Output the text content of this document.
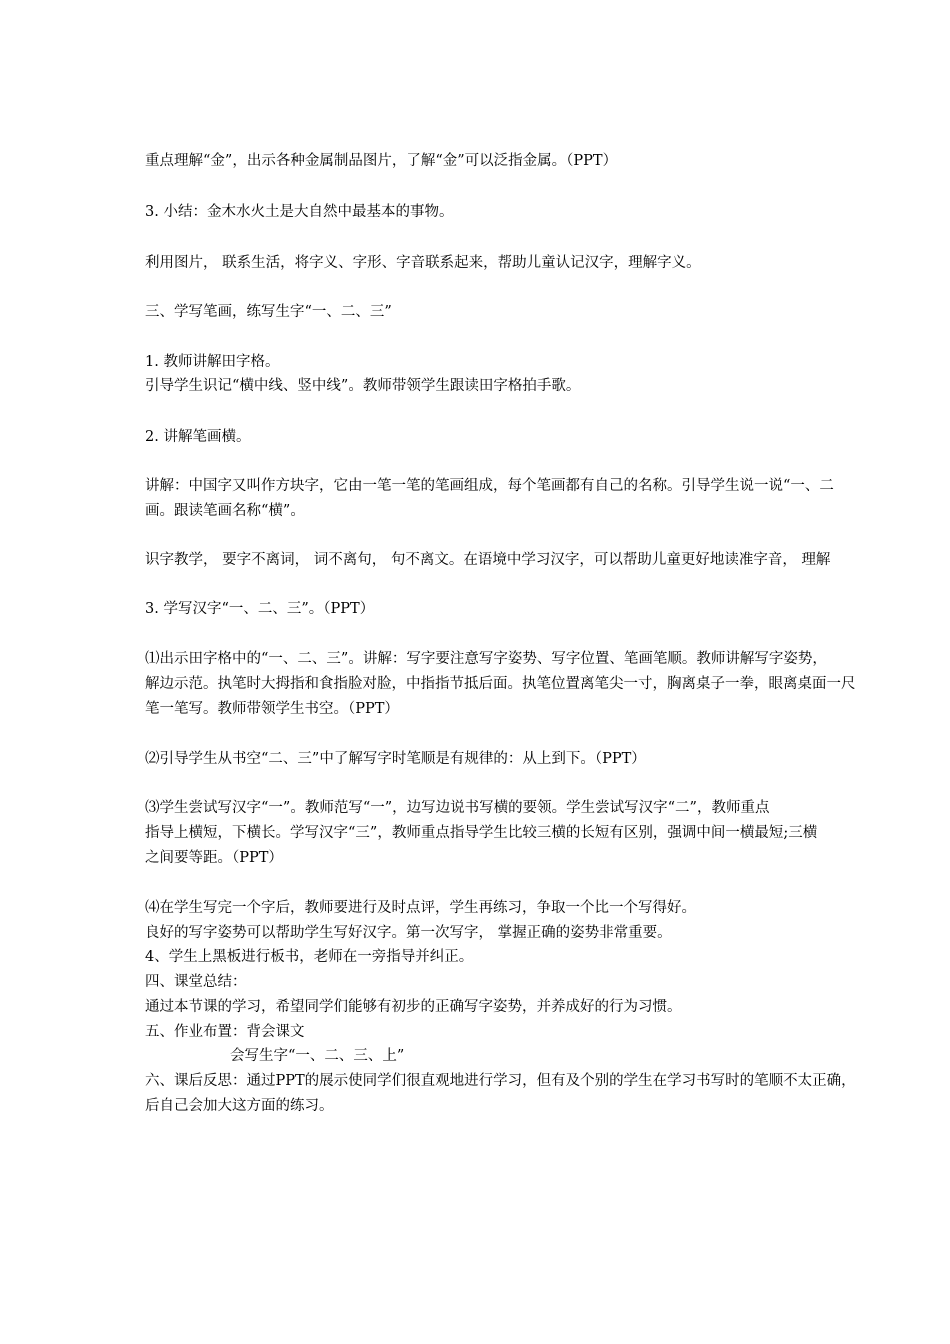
重点理解“金”，出示各种金属制品图片，了解“金”可以泛指金属。（PPT）
3. 小结：金木水火土是大自然中最基本的事物。
利用图片， 联系生活，将字义、字形、字音联系起来，帮助儿童认记汉字，理解字义。
三、学写笔画，练写生字“一、二、三”
1. 教师讲解田字格。
引导学生识记“横中线、竖中线”。教师带领学生跟读田字格拍手歌。
2. 讲解笔画横。
讲解：中国字又叫作方块字，它由一笔一笔的笔画组成，每个笔画都有自己的名称。引导学生说一说“一、二
画。跟读笔画名称“横”。
识字教学， 要字不离词， 词不离句， 句不离文。在语境中学习汉字，可以帮助儿童更好地读准字音， 理解
3. 学写汉字“一、二、三”。（PPT）
⑴出示田字格中的“一、二、三”。讲解：写字要注意写字姿势、写字位置、笔画笔顺。教师讲解写字姿势，
解边示范。执笔时大拇指和食指脸对脸，中指指节抵后面。执笔位置离笔尖一寸，胸离桌子一拳，眼离桌面一尺
笔一笔写。教师带领学生书空。（PPT）
⑵引导学生从书空“二、三”中了解写字时笔顺是有规律的：从上到下。（PPT）
⑶学生尝试写汉字“一”。教师范写“一”，边写边说书写横的要领。学生尝试写汉字“二”，教师重点
指导上横短，下横长。学写汉字“三”，教师重点指导学生比较三横的长短有区别，强调中间一横最短;三横
之间要等距。（PPT）
⑷在学生写完一个字后，教师要进行及时点评，学生再练习，争取一个比一个写得好。
良好的写字姿势可以帮助学生写好汉字。第一次写字， 掌握正确的姿势非常重要。
4、学生上黑板进行板书，老师在一旁指导并纠正。
四、课堂总结：
通过本节课的学习，希望同学们能够有初步的正确写字姿势，并养成好的行为习惯。
五、作业布置：背会课文
会写生字“一、二、三、上”
六、课后反思：通过PPT的展示使同学们很直观地进行学习，但有及个别的学生在学习书写时的笔顺不太正确，
后自己会加大这方面的练习。
